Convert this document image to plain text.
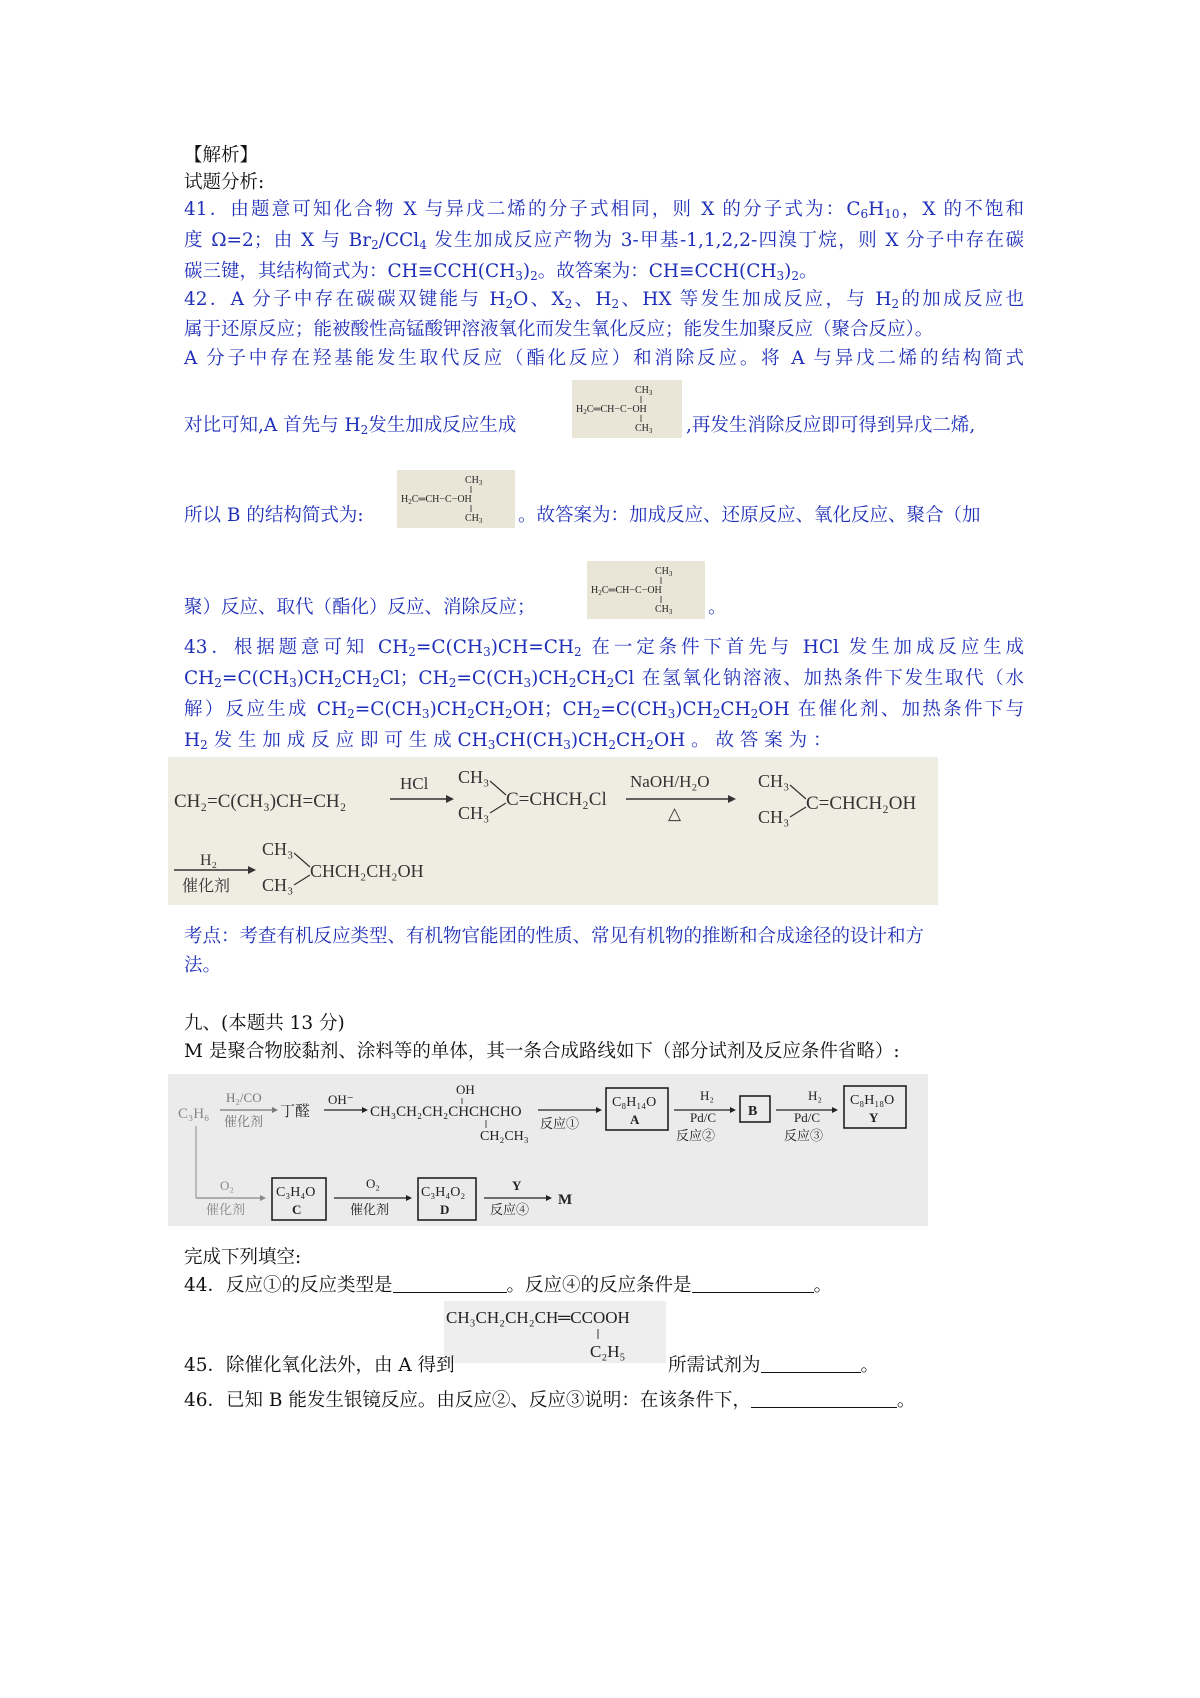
【解析】
试题分析:
41．由题意可知化合物 X 与异戊二烯的分子式相同，则 X 的分子式为：$C_6H_{10}$，X 的不饱和
度 Ω=2；由 X 与 $Br_2/CCl_4$ 发生加成反应产物为 3-甲基-1,1,2,2-四溴丁烷，则 X 分子中存在碳
碳三键，其结构简式为：$CH\equiv CCH(CH_3)_2$。故答案为：$CH\equiv CCH(CH_3)_2$。
42．A 分子中存在碳碳双键能与 $H_2O$、$X_2$、$H_2$、HX 等发生加成反应，与 $H_2$的加成反应也
属于还原反应；能被酸性高锰酸钾溶液氧化而发生氧化反应；能发生加聚反应（聚合反应）。
A 分子中存在羟基能发生取代反应（酯化反应）和消除反应。将 A 与异戊二烯的结构简式
$CH_3$
$H_2C═CH-C-OH$
$CH_3$
对比可知,A 首先与 $H_2$发生加成反应生成	,再发生消除反应即可得到异戊二烯,
$CH_3$
$H_2C═CH-C-OH$
$CH_3$
所以 B 的结构简式为:	。故答案为：加成反应、还原反应、氧化反应、聚合（加
$CH_3$
$H_2C═CH-C-OH$
$CH_3$
聚）反应、取代（酯化）反应、消除反应；	。
43．根据题意可知 $CH_2=C(CH_3)CH=CH_2$ 在一定条件下首先与 HCl 发生加成反应生成
$CH_2=C(CH_3)CH_2CH_2Cl$；$CH_2=C(CH_3)CH_2CH_2Cl$ 在氢氧化钠溶液、加热条件下发生取代（水
解）反应生成 $CH_2=C(CH_3)CH_2CH_2OH$；$CH_2=C(CH_3)CH_2CH_2OH$ 在催化剂、加热条件下与
$H_2$ 发 生 加 成 反 应 即 可 生 成 $CH_3CH(CH_3)CH_2CH_2OH$ 。 故 答 案 为 ：
CH₂=C(CH₃)CH=CH₂
HCl CH₃
CH₃
C=CHCH₂Cl
NaOH/H₂O
△
CH₃
CH₃
C=CHCH₂OH
H₂
催化剂
CH₃
CH₃
CHCH₂CH₂OH
考点：考查有机反应类型、有机物官能团的性质、常见有机物的推断和合成途径的设计和方
法。
九、(本题共 13 分)
M 是聚合物胶黏剂、涂料等的单体，其一条合成路线如下（部分试剂及反应条件省略）:
C₃H₆
H₂/CO
催化剂
丁醛
OH⁻
OH
CH₃CH₂CH₂CHCHCHO
CH₂CH₃
反应①
C₈H₁₄O
A
H₂
Pd/C
反应②
B
H₂
Pd/C
反应③
C₈H₁₈O
Y
O₂
催化剂
C₃H₄O
C
O₂
催化剂
C₃H₄O₂
D
Y
反应④
M
完成下列填空:
44．反应①的反应类型是	。反应④的反应条件是	。
CH₃CH₂CH₂CH═CCOOH
C₂H₅
45．除催化氧化法外，由 A 得到	所需试剂为	。
46．已知 B 能发生银镜反应。由反应②、反应③说明：在该条件下，	。
